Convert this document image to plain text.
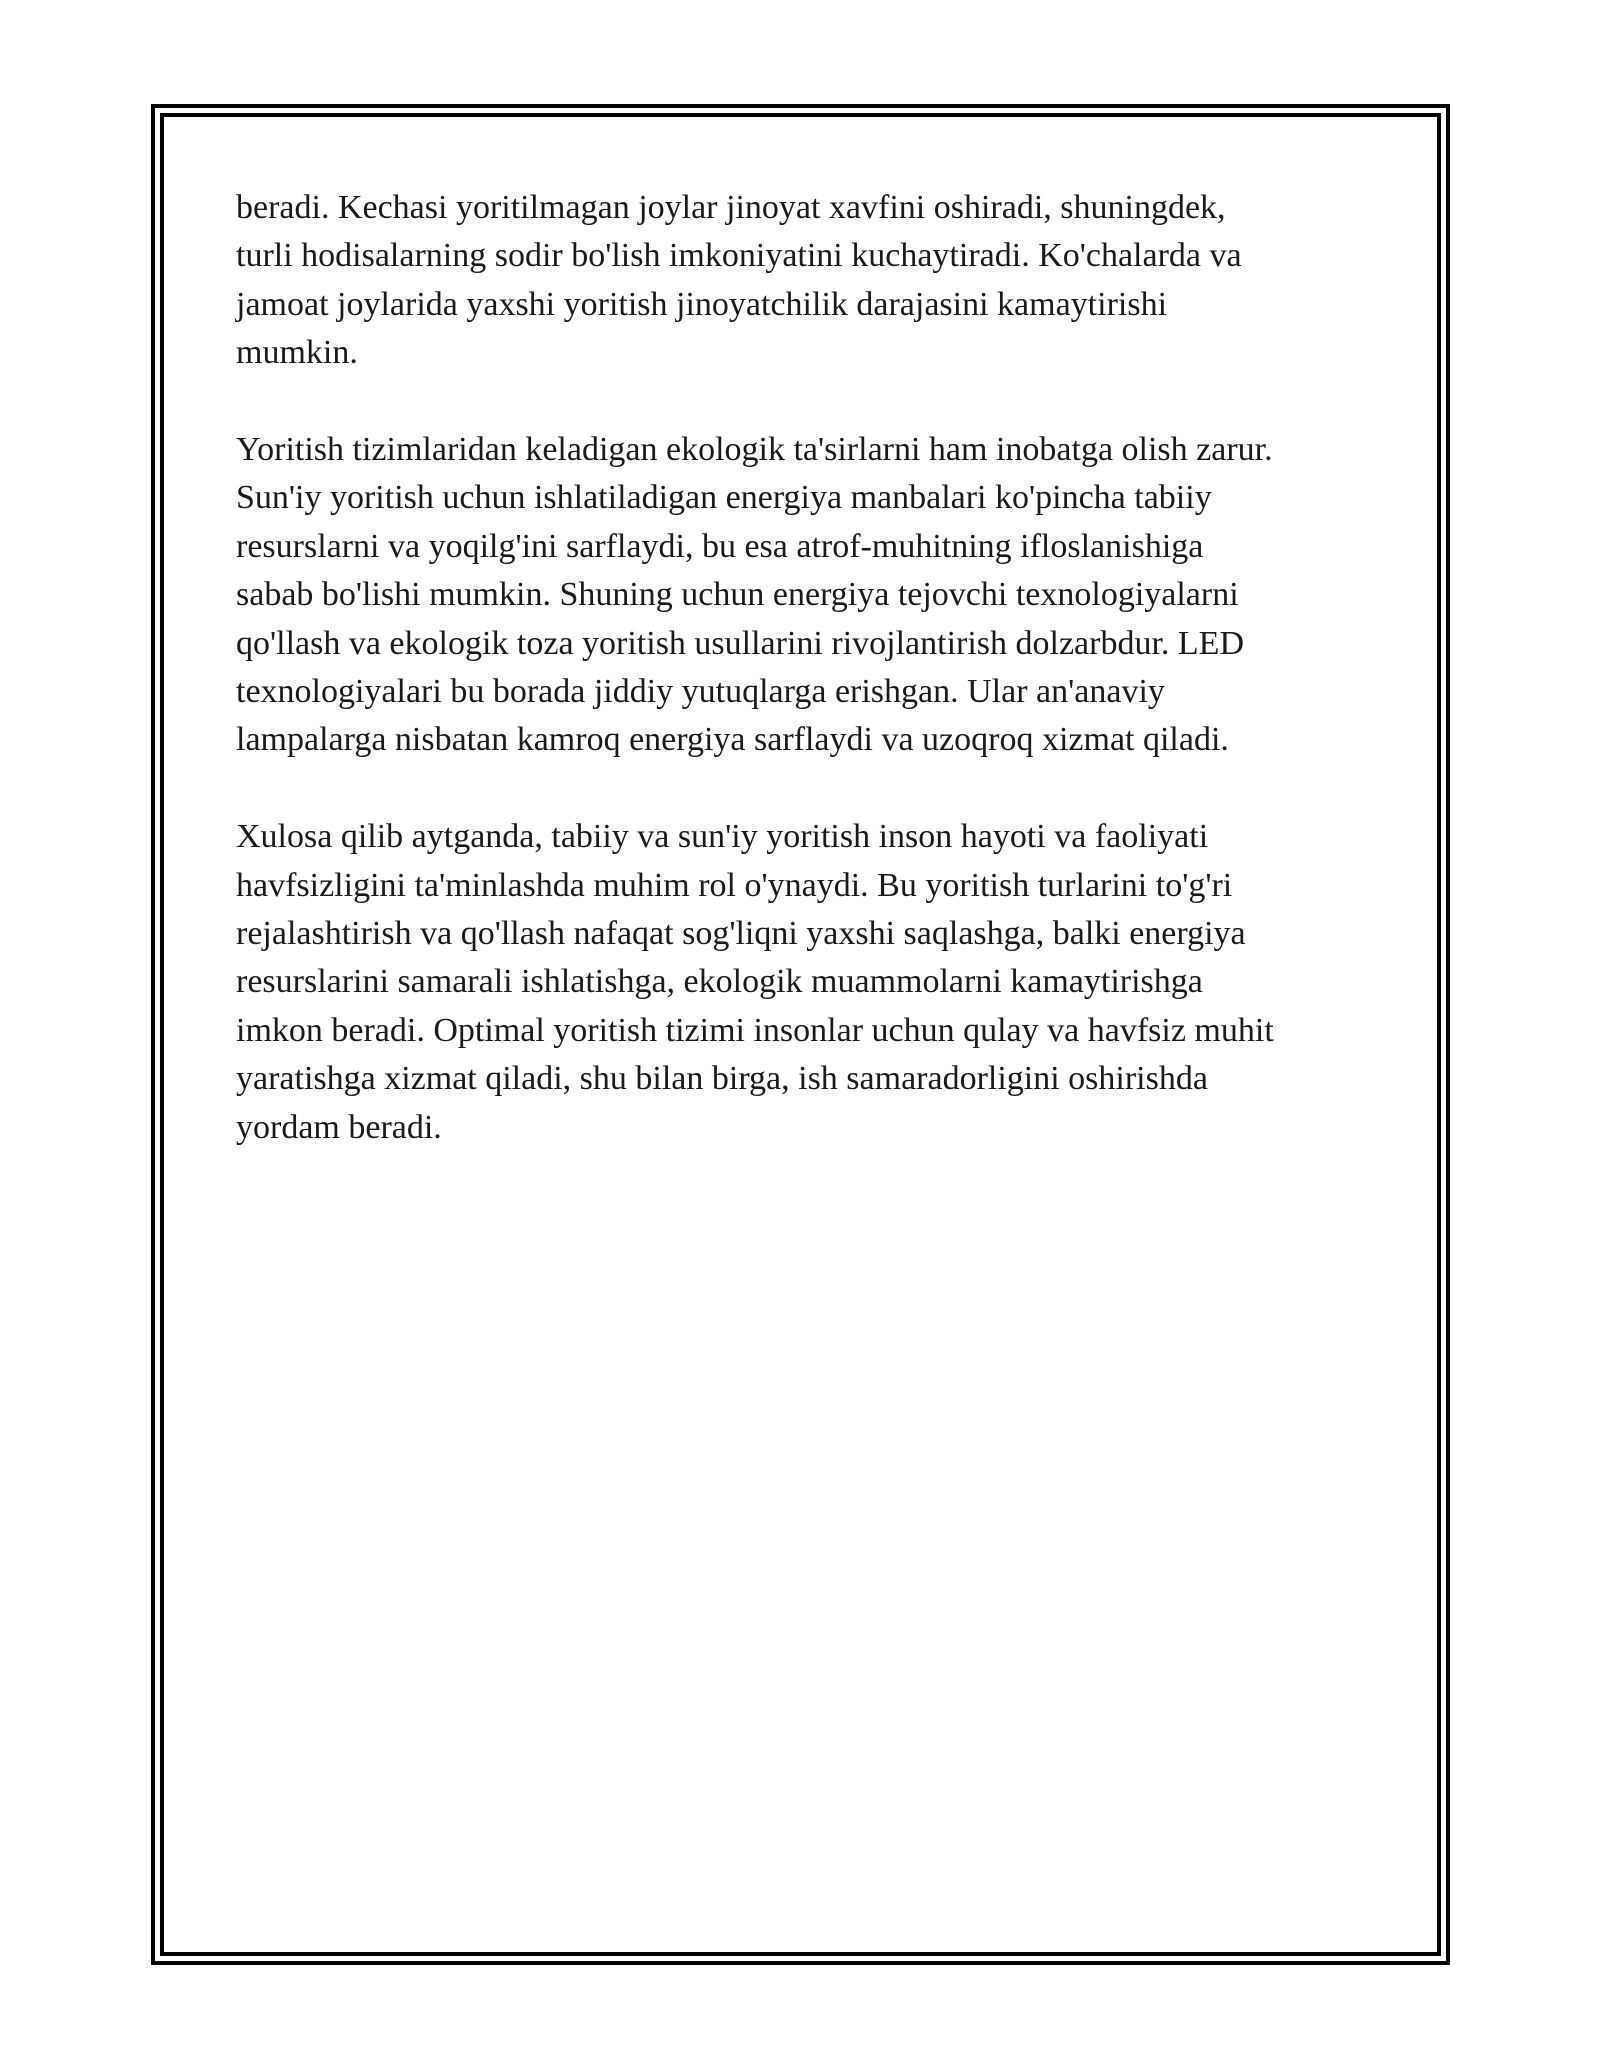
beradi. Kechasi yoritilmagan joylar jinoyat xavfini oshiradi, shuningdek,
turli hodisalarning sodir bo'lish imkoniyatini kuchaytiradi. Ko'chalarda va
jamoat joylarida yaxshi yoritish jinoyatchilik darajasini kamaytirishi
mumkin.

Yoritish tizimlaridan keladigan ekologik ta'sirlarni ham inobatga olish zarur.
Sun'iy yoritish uchun ishlatiladigan energiya manbalari ko'pincha tabiiy
resurslarni va yoqilg'ini sarflaydi, bu esa atrof-muhitning ifloslanishiga
sabab bo'lishi mumkin. Shuning uchun energiya tejovchi texnologiyalarni
qo'llash va ekologik toza yoritish usullarini rivojlantirish dolzarbdur. LED
texnologiyalari bu borada jiddiy yutuqlarga erishgan. Ular an'anaviy
lampalarga nisbatan kamroq energiya sarflaydi va uzoqroq xizmat qiladi.

Xulosa qilib aytganda, tabiiy va sun'iy yoritish inson hayoti va faoliyati
havfsizligini ta'minlashda muhim rol o'ynaydi. Bu yoritish turlarini to'g'ri
rejalashtirish va qo'llash nafaqat sog'liqni yaxshi saqlashga, balki energiya
resurslarini samarali ishlatishga, ekologik muammolarni kamaytirishga
imkon beradi. Optimal yoritish tizimi insonlar uchun qulay va havfsiz muhit
yaratishga xizmat qiladi, shu bilan birga, ish samaradorligini oshirishda
yordam beradi.
